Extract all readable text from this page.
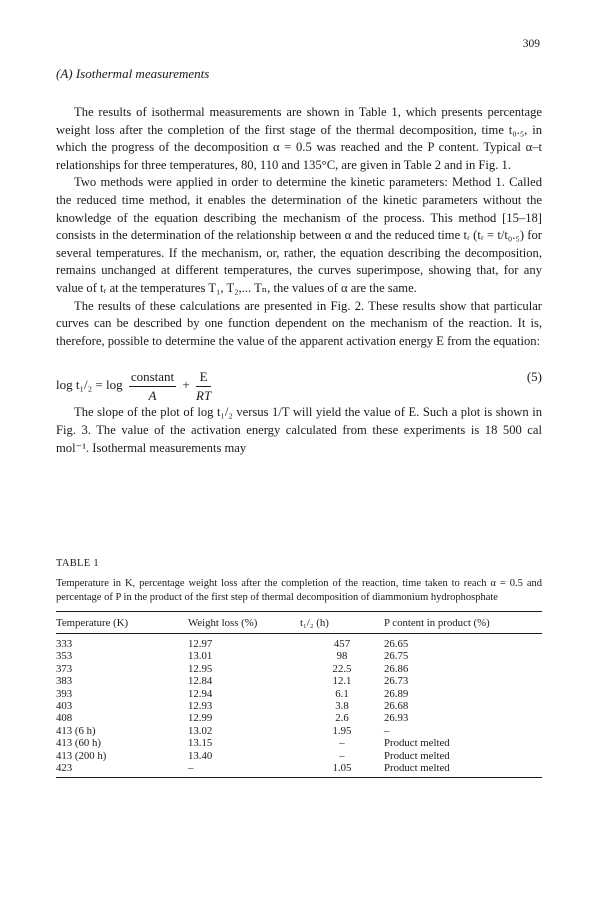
309
(A) Isothermal measurements

The results of isothermal measurements are shown in Table 1, which presents percentage weight loss after the completion of the first stage of the thermal decomposition, time t₀.₅, in which the progress of the decomposition α = 0.5 was reached and the P content. Typical α–t relationships for three temperatures, 80, 110 and 135°C, are given in Table 2 and in Fig. 1.

Two methods were applied in order to determine the kinetic parameters: Method 1. Called the reduced time method, it enables the determination of the kinetic parameters without the knowledge of the equation describing the mechanism of the process. This method [15–18] consists in the determination of the relationship between α and the reduced time tᵣ (tᵣ = t/t₀.₅) for several temperatures. If the mechanism, or, rather, the equation describing the decomposition, remains unchanged at different temperatures, the curves superimpose, showing that, for any value of tᵣ at the temperatures T₁, T₂,... Tₙ, the values of α are the same.

The results of these calculations are presented in Fig. 2. These results show that particular curves can be described by one function dependent on the mechanism of the reaction. It is, therefore, possible to determine the value of the apparent activation energy E from the equation:

$\log t_1/_2 = \log \frac{\text{constant}}{A} + \frac{E}{RT}$	(5)

The slope of the plot of log t₁/₂ versus 1/T will yield the value of E. Such a plot is shown in Fig. 3. The value of the activation energy calculated from these experiments is 18 500 cal mol⁻¹. Isothermal measurements may

TABLE 1
Temperature in K, percentage weight loss after the completion of the reaction, time taken to reach α = 0.5 and percentage of P in the product of the first step of thermal decomposition of diammonium hydrophosphate
Temperature (K)	Weight loss (%)	t₁/₂ (h)	P content in product (%)
333	12.97	457	26.65
353	13.01	98	26.75
373	12.95	22.5	26.86
383	12.84	12.1	26.73
393	12.94	6.1	26.89
403	12.93	3.8	26.68
408	12.99	2.6	26.93
413 (6 h)	13.02	1.95	–
413 (60 h)	13.15	–	Product melted
413 (200 h)	13.40	–	Product melted
423	–	1.05	Product melted
